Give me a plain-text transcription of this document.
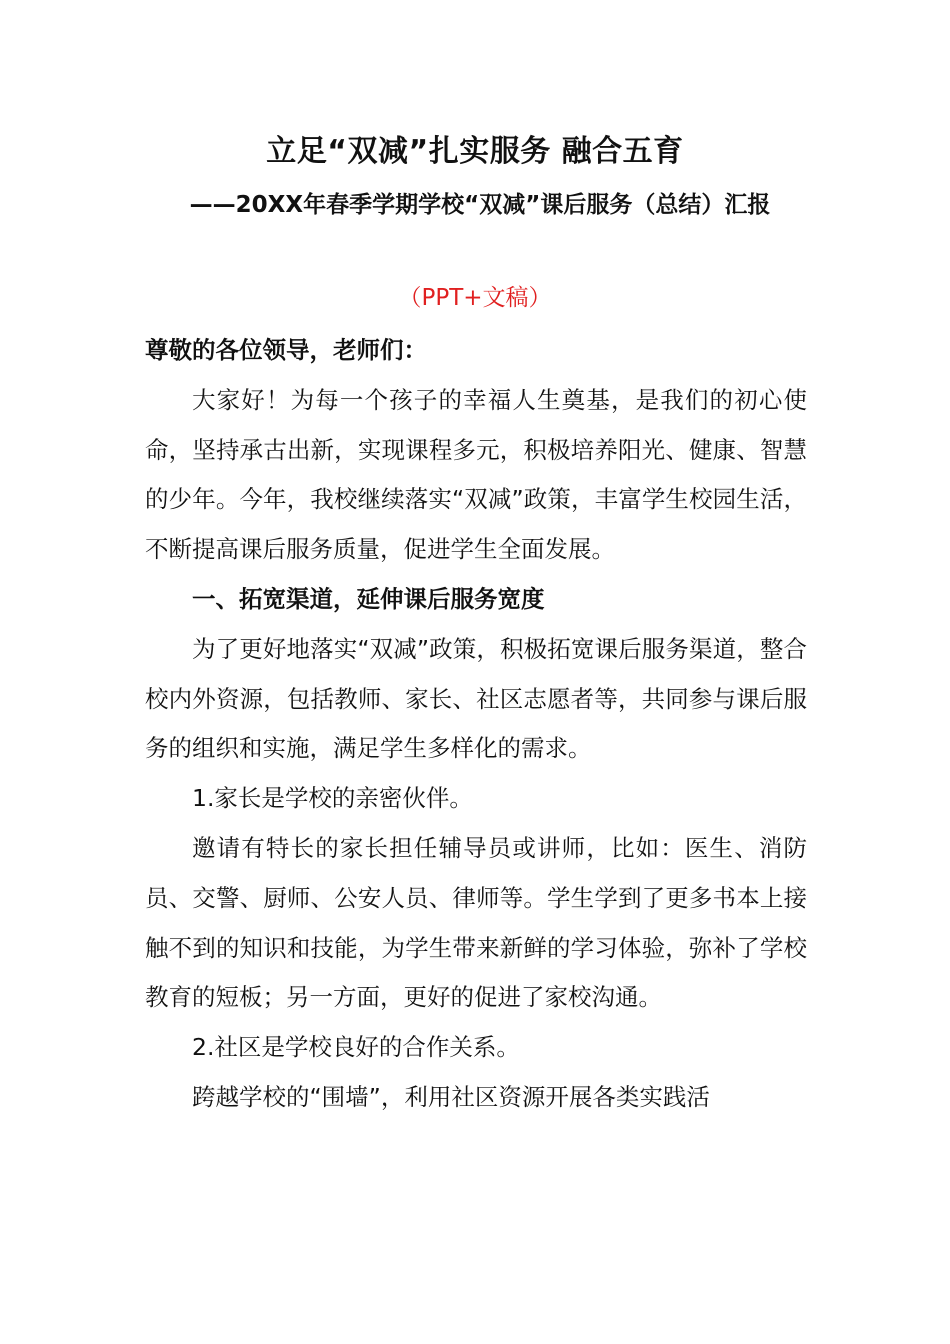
立足“双减”扎实服务 融合五育
——20XX年春季学期学校“双减”课后服务（总结）汇报
（PPT+文稿）

尊敬的各位领导，老师们：

大家好！为每一个孩子的幸福人生奠基，是我们的初心使命，坚持承古出新，实现课程多元，积极培养阳光、健康、智慧的少年。今年，我校继续落实“双减”政策，丰富学生校园生活，不断提高课后服务质量，促进学生全面发展。

一、拓宽渠道，延伸课后服务宽度

为了更好地落实“双减”政策，积极拓宽课后服务渠道，整合校内外资源，包括教师、家长、社区志愿者等，共同参与课后服务的组织和实施，满足学生多样化的需求。

1.家长是学校的亲密伙伴。

邀请有特长的家长担任辅导员或讲师，比如：医生、消防员、交警、厨师、公安人员、律师等。学生学到了更多书本上接触不到的知识和技能，为学生带来新鲜的学习体验，弥补了学校教育的短板；另一方面，更好的促进了家校沟通。

2.社区是学校良好的合作关系。

跨越学校的“围墙”，利用社区资源开展各类实践活
